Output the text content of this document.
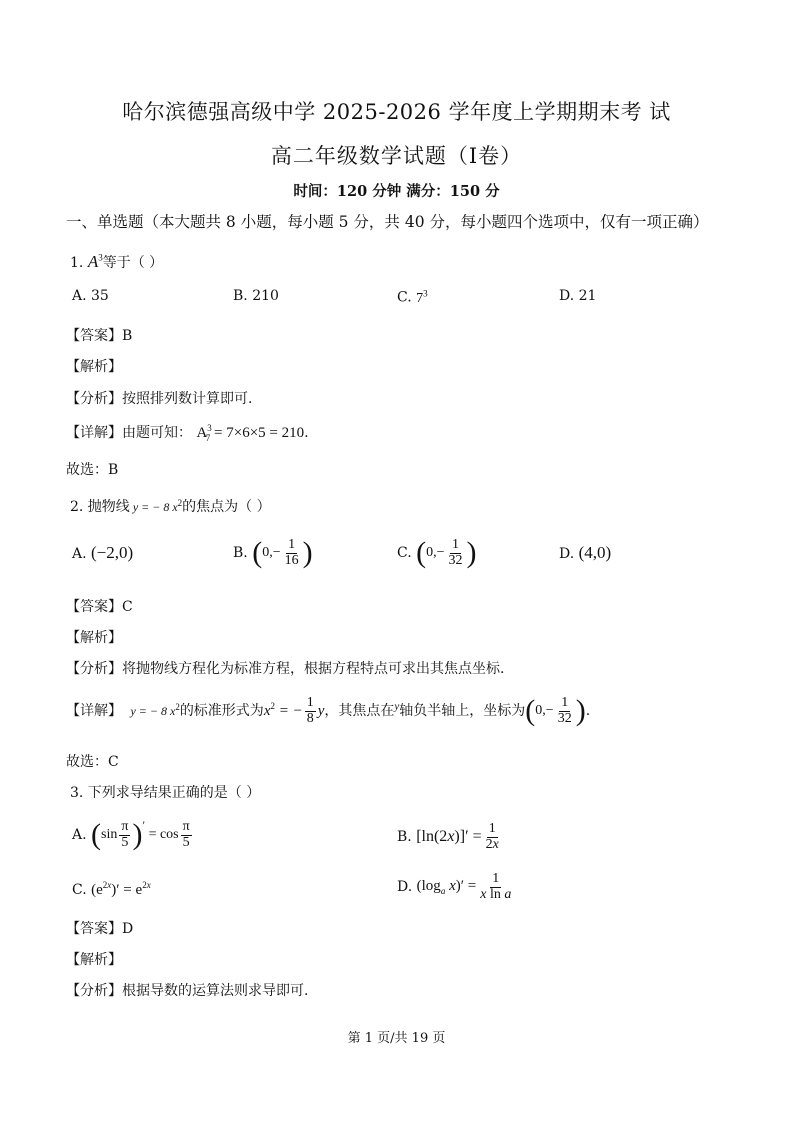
哈尔滨德强高级中学 2025-2026 学年度上学期期末考 试
高二年级数学试题（Ⅰ卷）
时间：120 分钟 满分：150 分
一、单选题（本大题共 8 小题，每小题 5 分，共 40 分，每小题四个选项中，仅有一项正确）
1. $A^3$等于（ ）
A. 35	B. 210	C. $7^3$	D. 21
【答案】B
【解析】
【分析】按照排列数计算即可.
【详解】由题可知： $A^3_7 = 7\times 6\times 5 = 210$.
故选：B
2. 抛物线 y = − 8 $x^2$的焦点为（ ）
A. (−2,0)	B. ($0,- \frac{1}{16}$ )	C. ($0,- \frac{1}{32}$ )	D. (4,0)
【答案】C
【解析】
【分析】将抛物线方程化为标准方程，根据方程特点可求出其焦点坐标.
【详解】 y = − 8 $x^2$的标准形式为$x^2$ = − $\frac{1}{8}$ y，其焦点在$^y$轴负半轴上，坐标为($0,- \frac{1}{32}$ ).
故选：C
3. 下列求导结果正确的是（ ）
A. $(\sin \frac{\pi}{5} )' = \cos \frac{\pi}{5}$	B. $[\ln(2x)]' = \frac{1}{2x}$
C. $(e^{2x})' = e^{2x}$	D. ($\log_a$ $x)' = \frac{1}{\text{x ln a}}$
【答案】D
【解析】
【分析】根据导数的运算法则求导即可.
第 1 页/共 19 页
